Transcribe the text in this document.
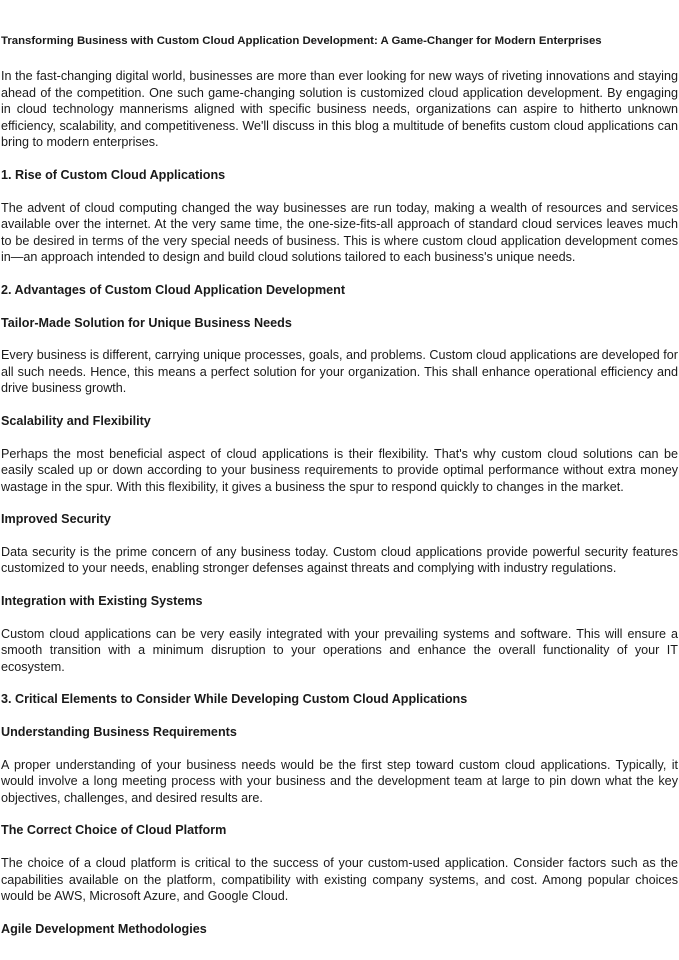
Transforming Business with Custom Cloud Application Development: A Game-Changer for Modern Enterprises

In the fast-changing digital world, businesses are more than ever looking for new ways of riveting innovations and staying ahead of the competition. One such game-changing solution is customized cloud application development. By engaging in cloud technology mannerisms aligned with specific business needs, organizations can aspire to hitherto unknown efficiency, scalability, and competitiveness. We'll discuss in this blog a multitude of benefits custom cloud applications can bring to modern enterprises.

1. Rise of Custom Cloud Applications

The advent of cloud computing changed the way businesses are run today, making a wealth of resources and services available over the internet. At the very same time, the one-size-fits-all approach of standard cloud services leaves much to be desired in terms of the very special needs of business. This is where custom cloud application development comes in—an approach intended to design and build cloud solutions tailored to each business's unique needs.

2. Advantages of Custom Cloud Application Development
Tailor-Made Solution for Unique Business Needs

Every business is different, carrying unique processes, goals, and problems. Custom cloud applications are developed for all such needs. Hence, this means a perfect solution for your organization. This shall enhance operational efficiency and drive business growth.

Scalability and Flexibility

Perhaps the most beneficial aspect of cloud applications is their flexibility. That's why custom cloud solutions can be easily scaled up or down according to your business requirements to provide optimal performance without extra money wastage in the spur. With this flexibility, it gives a business the spur to respond quickly to changes in the market.

Improved Security

Data security is the prime concern of any business today. Custom cloud applications provide powerful security features customized to your needs, enabling stronger defenses against threats and complying with industry regulations.

Integration with Existing Systems

Custom cloud applications can be very easily integrated with your prevailing systems and software. This will ensure a smooth transition with a minimum disruption to your operations and enhance the overall functionality of your IT ecosystem.

3. Critical Elements to Consider While Developing Custom Cloud Applications
Understanding Business Requirements

A proper understanding of your business needs would be the first step toward custom cloud applications. Typically, it would involve a long meeting process with your business and the development team at large to pin down what the key objectives, challenges, and desired results are.

The Correct Choice of Cloud Platform

The choice of a cloud platform is critical to the success of your custom-used application. Consider factors such as the capabilities available on the platform, compatibility with existing company systems, and cost. Among popular choices would be AWS, Microsoft Azure, and Google Cloud.

Agile Development Methodologies
